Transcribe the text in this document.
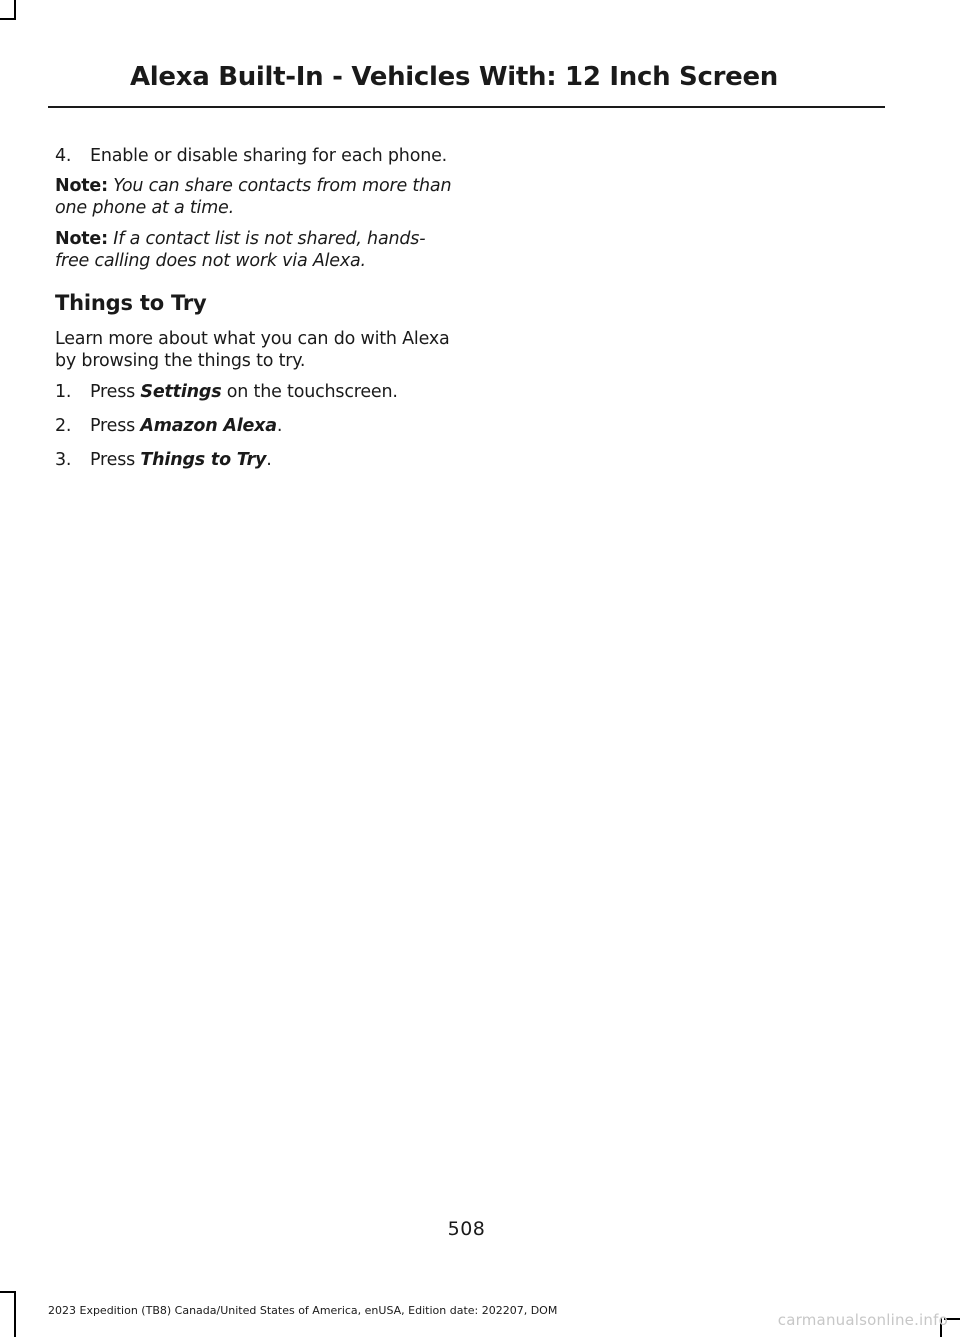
Alexa Built-In - Vehicles With: 12 Inch Screen
4. Enable or disable sharing for each phone.

Note: You can share contacts from more than one phone at a time.

Note: If a contact list is not shared, hands-free calling does not work via Alexa.

Things to Try

Learn more about what you can do with Alexa by browsing the things to try.

1. Press Settings on the touchscreen.
2. Press Amazon Alexa.
3. Press Things to Try.
508
2023 Expedition (TB8) Canada/United States of America, enUSA, Edition date: 202207, DOM
carmanualsonline.info
